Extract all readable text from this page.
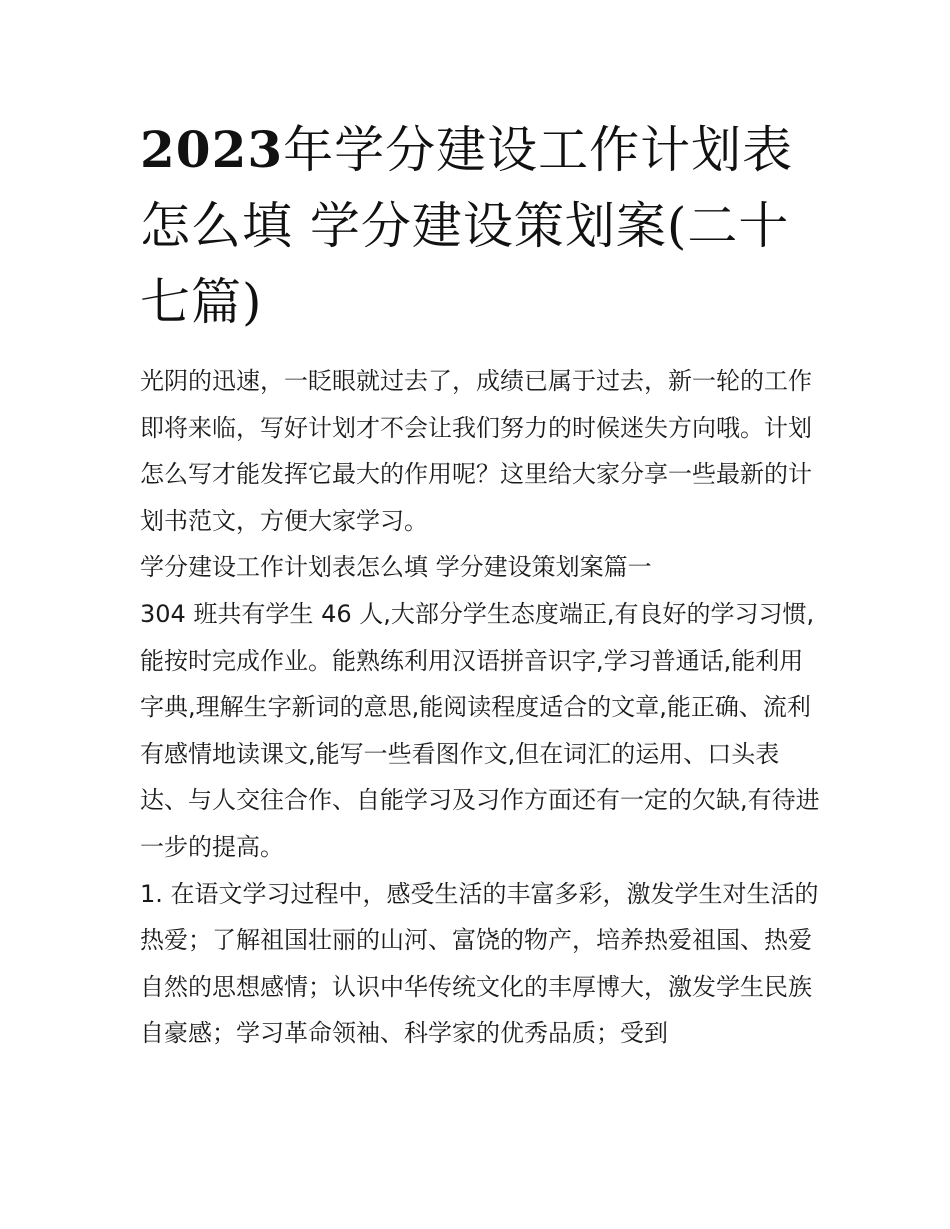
2023年学分建设工作计划表怎么填 学分建设策划案(二十七篇)

光阴的迅速，一眨眼就过去了，成绩已属于过去，新一轮的工作即将来临，写好计划才不会让我们努力的时候迷失方向哦。计划怎么写才能发挥它最大的作用呢？这里给大家分享一些最新的计划书范文，方便大家学习。

学分建设工作计划表怎么填 学分建设策划案篇一

304 班共有学生 46 人,大部分学生态度端正,有良好的学习习惯,能按时完成作业。能熟练利用汉语拼音识字,学习普通话,能利用字典,理解生字新词的意思,能阅读程度适合的文章,能正确、流利有感情地读课文,能写一些看图作文,但在词汇的运用、口头表达、与人交往合作、自能学习及习作方面还有一定的欠缺,有待进一步的提高。

1. 在语文学习过程中，感受生活的丰富多彩，激发学生对生活的热爱；了解祖国壮丽的山河、富饶的物产，培养热爱祖国、热爱自然的思想感情；认识中华传统文化的丰厚博大，激发学生民族自豪感；学习革命领袖、科学家的优秀品质；受到
